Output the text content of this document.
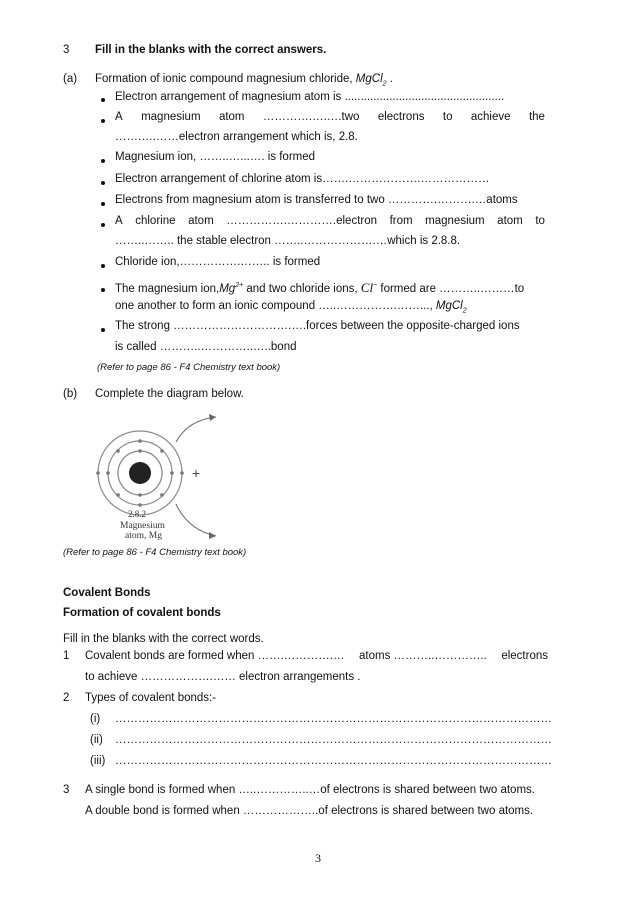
3 Fill in the blanks with the correct answers.
(a) Formation of ionic compound magnesium chloride, MgCl$_2$ .
Electron arrangement of magnesium atom is ..................................................
A magnesium atom ………….….….two electrons to achieve the
…….….……electron arrangement which is, 2.8.
Magnesium ion, ……..…...…. is formed
Electron arrangement of chlorine atom is…….……………….………………
Electrons from magnesium atom is transferred to two ………….……….…atoms
A chlorine atom …………….………….electron from magnesium atom to
……..…….. the stable electron ……..……………….…which is 2.8.8.
Chloride ion,…………….…….. is formed
The magnesium $ion,Mg^{2+}$ and two chloride ions, Cl− formed are ………..………to
one another to form an ionic compound …..…………….……..., MgCl$_2$
The strong ………………………….….forces between the opposite-charged ions
is called ………..…………..…..bond
(Refer to page 86 - F4 Chemistry text book)
(b) Complete the diagram below.
+
2.8.2
Magnesium
atom, Mg
(Refer to page 86 - F4 Chemistry text book)
Covalent Bonds
Formation of covalent bonds
Fill in the blanks with the correct words.
1 Covalent bonds are formed when …….………….… atoms ………..………….. electrons
to achieve ……………….…… electron arrangements .
2 Types of covalent bonds:-
(i) ……………………………………………………………………………………………………
(ii) ……………………………………………………………………………………………………
(iii) ……………………………………………………………………………………………………
3 A single bond is formed when …..…………..…of electrons is shared between two atoms.
A double bond is formed when ………………..of electrons is shared between two atoms.
3
